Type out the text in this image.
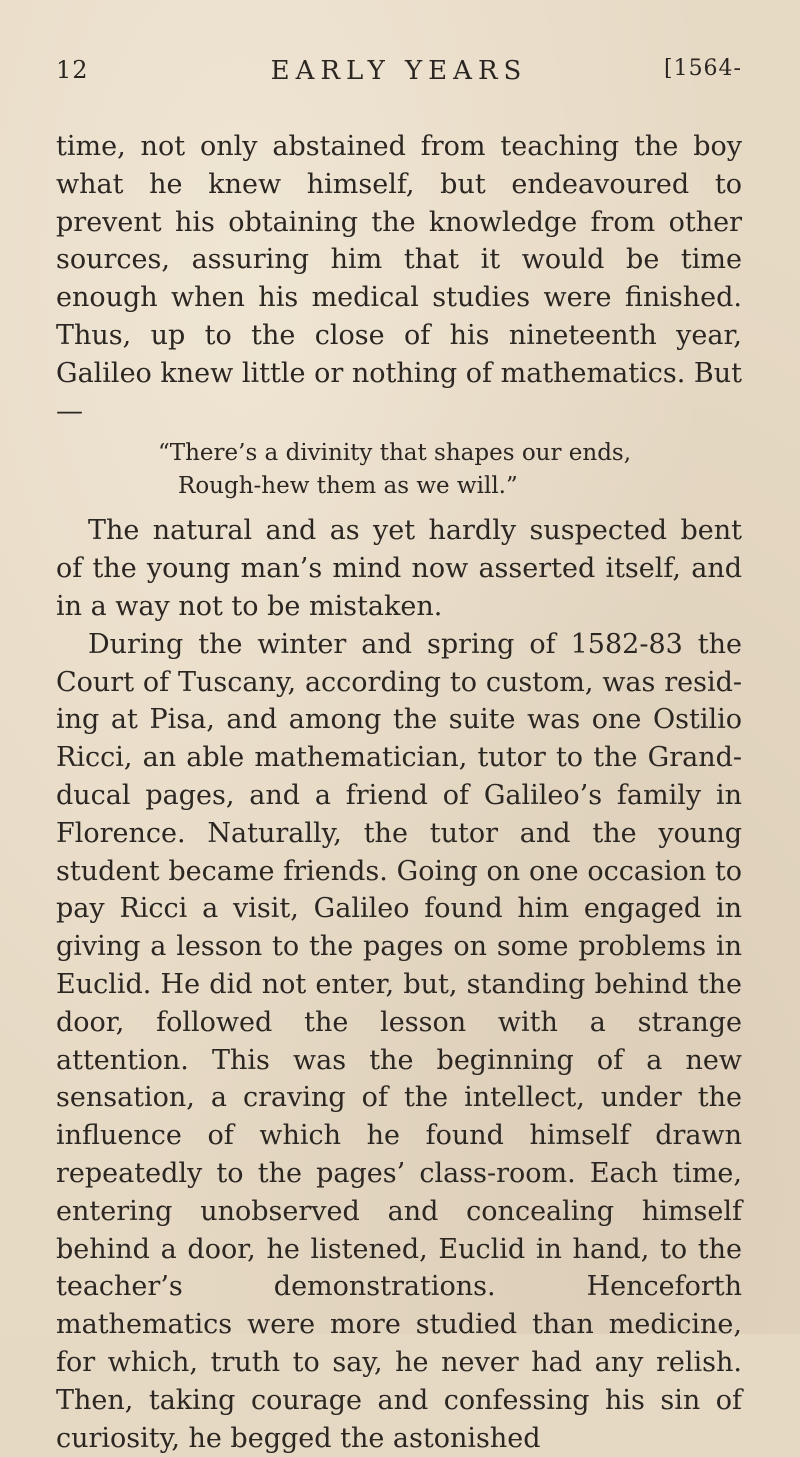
12	EARLY YEARS	[1564-

time, not only abstained from teaching the boy what he knew himself, but endeavoured to prevent his obtaining the knowledge from other sources, assuring him that it would be time enough when his medical studies were finished. Thus, up to the close of his nineteenth year, Galileo knew little or nothing of mathematics. But—

“There’s a divinity that shapes our ends,
Rough-hew them as we will.”

The natural and as yet hardly suspected bent of the young man’s mind now asserted itself, and in a way not to be mistaken.

During the winter and spring of 1582-83 the Court of Tuscany, according to custom, was resid-ing at Pisa, and among the suite was one Ostilio Ricci, an able mathematician, tutor to the Grand-ducal pages, and a friend of Galileo’s family in Florence. Naturally, the tutor and the young student became friends. Going on one occasion to pay Ricci a visit, Galileo found him engaged in giving a lesson to the pages on some problems in Euclid. He did not enter, but, standing behind the door, followed the lesson with a strange attention. This was the beginning of a new sensation, a craving of the intellect, under the influence of which he found himself drawn repeatedly to the pages’ class-room. Each time, entering unobserved and concealing himself behind a door, he listened, Euclid in hand, to the teacher’s demonstrations. Henceforth mathematics were more studied than medicine, for which, truth to say, he never had any relish. Then, taking courage and confessing his sin of curiosity, he begged the astonished
